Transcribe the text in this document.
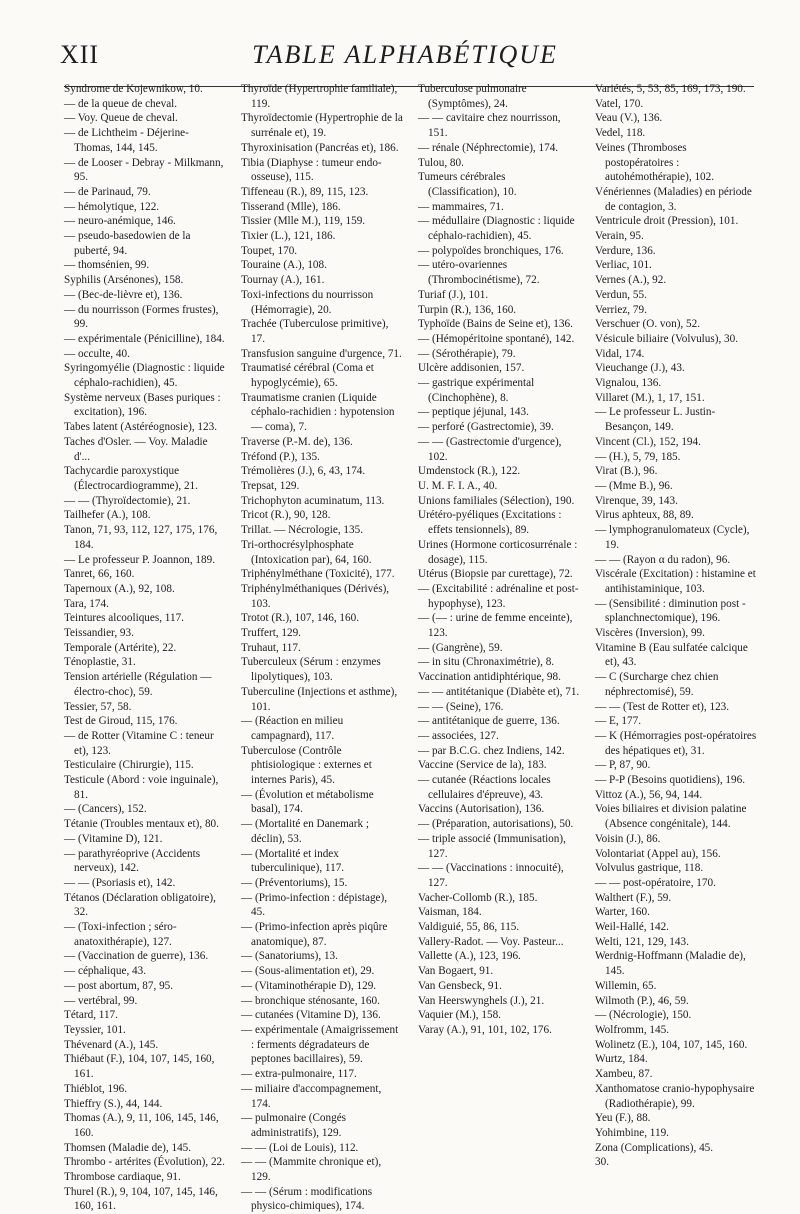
XII	TABLE ALPHABÉTIQUE
Syndrome de Kojewnikow, 10.
— de la queue de cheval.
— Voy. Queue de cheval.
— de Lichtheim - Déjerine-Thomas, 144, 145.
— de Looser - Debray - Milkmann, 95.
— de Parinaud, 79.
— hémolytique, 122.
— neuro-anémique, 146.
— pseudo-basedowien de la puberté, 94.
— thomsénien, 99.
Syphilis (Arsénones), 158.
— (Bec-de-lièvre et), 136.
— du nourrisson (Formes frustes), 99.
— expérimentale (Pénicilline), 184.
— occulte, 40.
Syringomyélie (Diagnostic : liquide céphalo-rachidien), 45.
Système nerveux (Bases puriques : excitation), 196.
Tabes latent (Astéréognosie), 123.
Taches d'Osler. — Voy. Maladie d'...
Tachycardie paroxystique (Électrocardiogramme), 21.
— — (Thyroïdectomie), 21.
Tailhefer (A.), 108.
Tanon, 71, 93, 112, 127, 175, 176, 184.
— Le professeur P. Joannon, 189.
Tanret, 66, 160.
Tapernoux (A.), 92, 108.
Tara, 174.
Teintures alcooliques, 117.
Teissandier, 93.
Temporale (Artérite), 22.
Ténoplastie, 31.
Tension artérielle (Régulation — électro-choc), 59.
Tessier, 57, 58.
Test de Giroud, 115, 176.
— de Rotter (Vitamine C : teneur et), 123.
Testiculaire (Chirurgie), 115.
Testicule (Abord : voie inguinale), 81.
— (Cancers), 152.
Tétanie (Troubles mentaux et), 80.
— (Vitamine D), 121.
— parathyréoprive (Accidents nerveux), 142.
— — (Psoriasis et), 142.
Tétanos (Déclaration obligatoire), 32.
— (Toxi-infection ; séro-anatoxithérapie), 127.
— (Vaccination de guerre), 136.
— céphalique, 43.
— post abortum, 87, 95.
— vertébral, 99.
Tétard, 117.
Teyssier, 101.
Thévenard (A.), 145.
Thiébaut (F.), 104, 107, 145, 160, 161.
Thiéblot, 196.
Thieffry (S.), 44, 144.
Thomas (A.), 9, 11, 106, 145, 146, 160.
Thomsen (Maladie de), 145.
Thrombo - artérites (Évolution), 22.
Thrombose cardiaque, 91.
Thurel (R.), 9, 104, 107, 145, 146, 160, 161.
Thyroïde (Hypertrophie familiale), 119.
Thyroïdectomie (Hypertrophie de la surrénale et), 19.
Thyroxinisation (Pancréas et), 186.
Tibia (Diaphyse : tumeur endo-osseuse), 115.
Tiffeneau (R.), 89, 115, 123.
Tisserand (Mlle), 186.
Tissier (Mlle M.), 119, 159.
Tixier (L.), 121, 186.
Toupet, 170.
Touraine (A.), 108.
Tournay (A.), 161.
Toxi-infections du nourrisson (Hémorragie), 20.
Trachée (Tuberculose primitive), 17.
Transfusion sanguine d'urgence, 71.
Traumatisé cérébral (Coma et hypoglycémie), 65.
Traumatisme cranien (Liquide céphalo-rachidien : hypotension — coma), 7.
Traverse (P.-M. de), 136.
Tréfond (P.), 135.
Trémolières (J.), 6, 43, 174.
Trepsat, 129.
Trichophyton acuminatum, 113.
Tricot (R.), 90, 128.
Trillat. — Nécrologie, 135.
Tri-orthocrésylphosphate (Intoxication par), 64, 160.
Triphénylméthane (Toxicité), 177.
Triphénylméthaniques (Dérivés), 103.
Trotot (R.), 107, 146, 160.
Truffert, 129.
Truhaut, 117.
Tuberculeux (Sérum : enzymes lipolytiques), 103.
Tuberculine (Injections et asthme), 101.
— (Réaction en milieu campagnard), 117.
Tuberculose (Contrôle phtisiologique : externes et internes Paris), 45.
— (Évolution et métabolisme basal), 174.
— (Mortalité en Danemark ; déclin), 53.
— (Mortalité et index tuberculinique), 117.
— (Préventoriums), 15.
— (Primo-infection : dépistage), 45.
— (Primo-infection après piqûre anatomique), 87.
— (Sanatoriums), 13.
— (Sous-alimentation et), 29.
— (Vitaminothérapie D), 129.
— bronchique sténosante, 160.
— cutanées (Vitamine D), 136.
— expérimentale (Amaigrissement : ferments dégradateurs de peptones bacillaires), 59.
— extra-pulmonaire, 117.
— miliaire d'accompagnement, 174.
— pulmonaire (Congés administratifs), 129.
— — (Loi de Louis), 112.
— — (Mammite chronique et), 129.
— — (Sérum : modifications physico-chimiques), 174.
Tuberculose pulmonaire (Symptômes), 24.
— — cavitaire chez nourrisson, 151.
— rénale (Néphrectomie), 174.
Tulou, 80.
Tumeurs cérébrales (Classification), 10.
— mammaires, 71.
— médullaire (Diagnostic : liquide céphalo-rachidien), 45.
— polypoïdes bronchiques, 176.
— utéro-ovariennes (Thrombocinétisme), 72.
Turiaf (J.), 101.
Turpin (R.), 136, 160.
Typhoïde (Bains de Seine et), 136.
— (Hémopéritoine spontané), 142.
— (Sérothérapie), 79.
Ulcère addisonien, 157.
— gastrique expérimental (Cinchophène), 8.
— peptique jéjunal, 143.
— perforé (Gastrectomie), 39.
— — (Gastrectomie d'urgence), 102.
Umdenstock (R.), 122.
U. M. F. I. A., 40.
Unions familiales (Sélection), 190.
Urétéro-pyéliques (Excitations : effets tensionnels), 89.
Urines (Hormone corticosurrénale : dosage), 115.
Utérus (Biopsie par curettage), 72.
— (Excitabilité : adrénaline et post-hypophyse), 123.
— (— : urine de femme enceinte), 123.
— (Gangrène), 59.
— in situ (Chronaximétrie), 8.
Vaccination antidiphtérique, 98.
— — antitétanique (Diabète et), 71.
— — (Seine), 176.
— antitétanique de guerre, 136.
— associées, 127.
— par B.C.G. chez Indiens, 142.
Vaccine (Service de la), 183.
— cutanée (Réactions locales cellulaires d'épreuve), 43.
Vaccins (Autorisation), 136.
— (Préparation, autorisations), 50.
— triple associé (Immunisation), 127.
— — (Vaccinations : innocuité), 127.
Vacher-Collomb (R.), 185.
Vaisman, 184.
Valdiguié, 55, 86, 115.
Vallery-Radot. — Voy. Pasteur...
Vallette (A.), 123, 196.
Van Bogaert, 91.
Van Gensbeck, 91.
Van Heerswynghels (J.), 21.
Vaquier (M.), 158.
Varay (A.), 91, 101, 102, 176.
Variétés, 5, 53, 85, 169, 173, 190.
Vatel, 170.
Veau (V.), 136.
Vedel, 118.
Veines (Thromboses postopératoires : autohémothérapie), 102.
Vénériennes (Maladies) en période de contagion, 3.
Ventricule droit (Pression), 101.
Verain, 95.
Verdure, 136.
Verliac, 101.
Vernes (A.), 92.
Verdun, 55.
Verriez, 79.
Verschuer (O. von), 52.
Vésicule biliaire (Volvulus), 30.
Vidal, 174.
Vieuchange (J.), 43.
Vignalou, 136.
Villaret (M.), 1, 17, 151.
— Le professeur L. Justin-Besançon, 149.
Vincent (Cl.), 152, 194.
— (H.), 5, 79, 185.
Virat (B.), 96.
— (Mme B.), 96.
Virenque, 39, 143.
Virus aphteux, 88, 89.
— lymphogranulomateux (Cycle), 19.
— — (Rayon α du radon), 96.
Viscérale (Excitation) : histamine et antihistaminique, 103.
— (Sensibilité : diminution post - splanchnectomique), 196.
Viscères (Inversion), 99.
Vitamine B (Eau sulfatée calcique et), 43.
— C (Surcharge chez chien néphrectomisé), 59.
— — (Test de Rotter et), 123.
— E, 177.
— K (Hémorragies post-opératoires des hépatiques et), 31.
— P, 87, 90.
— P-P (Besoins quotidiens), 196.
Vittoz (A.), 56, 94, 144.
Voies biliaires et division palatine (Absence congénitale), 144.
Voisin (J.), 86.
Volontariat (Appel au), 156.
Volvulus gastrique, 118.
— — post-opératoire, 170.
Walthert (F.), 59.
Warter, 160.
Weil-Hallé, 142.
Welti, 121, 129, 143.
Werdnig-Hoffmann (Maladie de), 145.
Willemin, 65.
Wilmoth (P.), 46, 59.
— (Nécrologie), 150.
Wolfromm, 145.
Wolinetz (E.), 104, 107, 145, 160.
Wurtz, 184.
Xambeu, 87.
Xanthomatose cranio-hypophysaire (Radiothérapie), 99.
Yeu (F.), 88.
Yohimbine, 119.
Zona (Complications), 45.
30.
